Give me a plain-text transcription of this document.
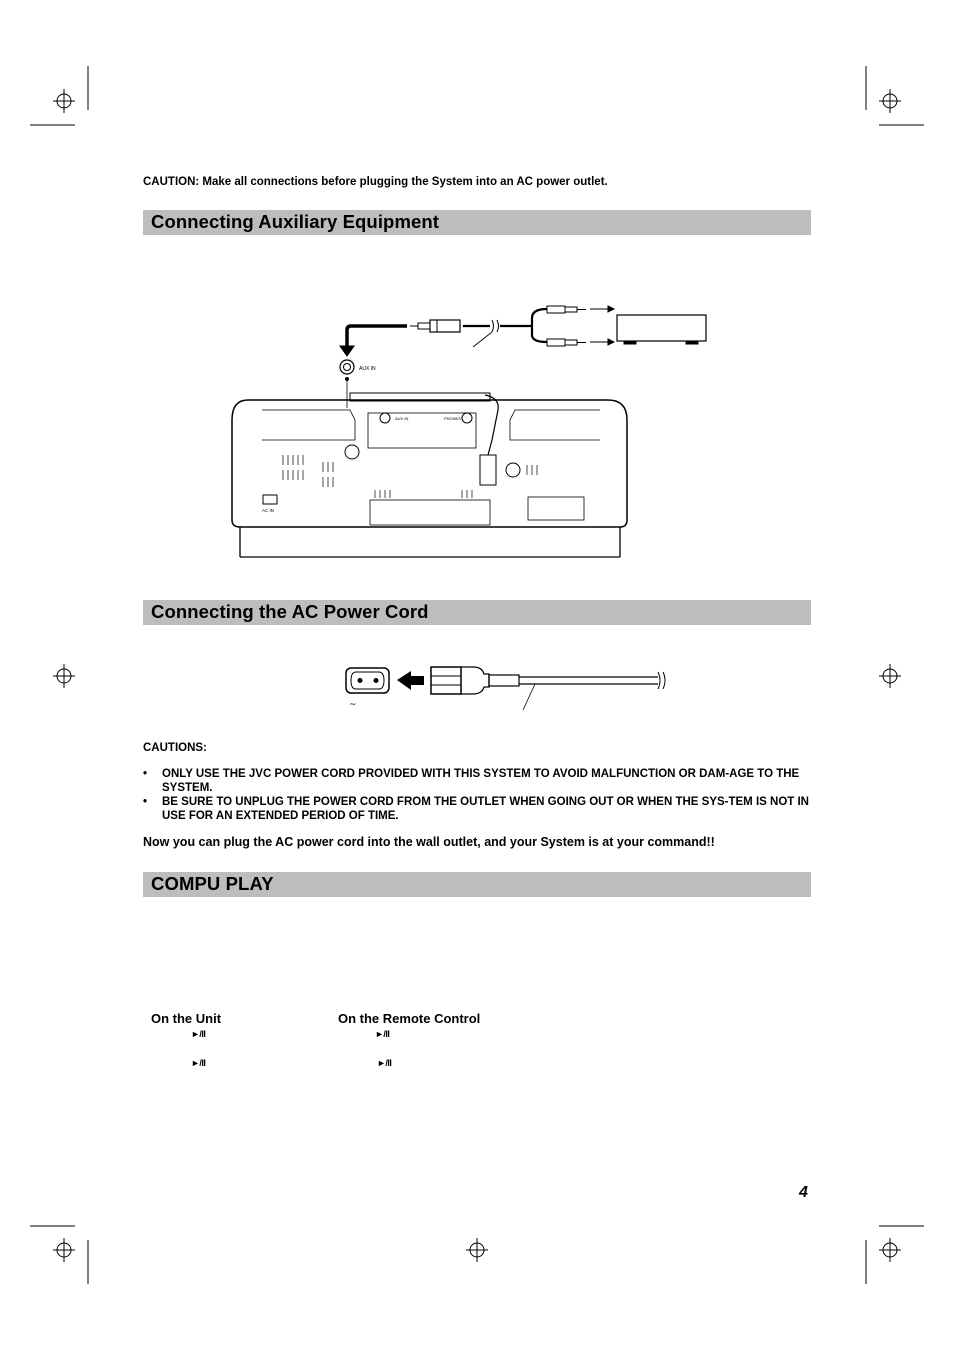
AUX IN
AC IN
AUX IN	PHONES
~
CAUTION: Make all connections before plugging the System into an AC power outlet.
Connecting Auxiliary Equipment
Connecting the AC Power Cord
CAUTIONS:
• ONLY USE THE JVC POWER CORD PROVIDED WITH THIS SYSTEM TO AVOID MALFUNCTION OR DAM-AGE TO THE SYSTEM.
• BE SURE TO UNPLUG THE POWER CORD FROM THE OUTLET WHEN GOING OUT OR WHEN THE SYS-TEM IS NOT IN USE FOR AN EXTENDED PERIOD OF TIME.
Now you can plug the AC power cord into the wall outlet, and your System is at your command!!
COMPU PLAY
On the Unit	On the Remote Control
►/II	►/II
►/II	►/II
4
